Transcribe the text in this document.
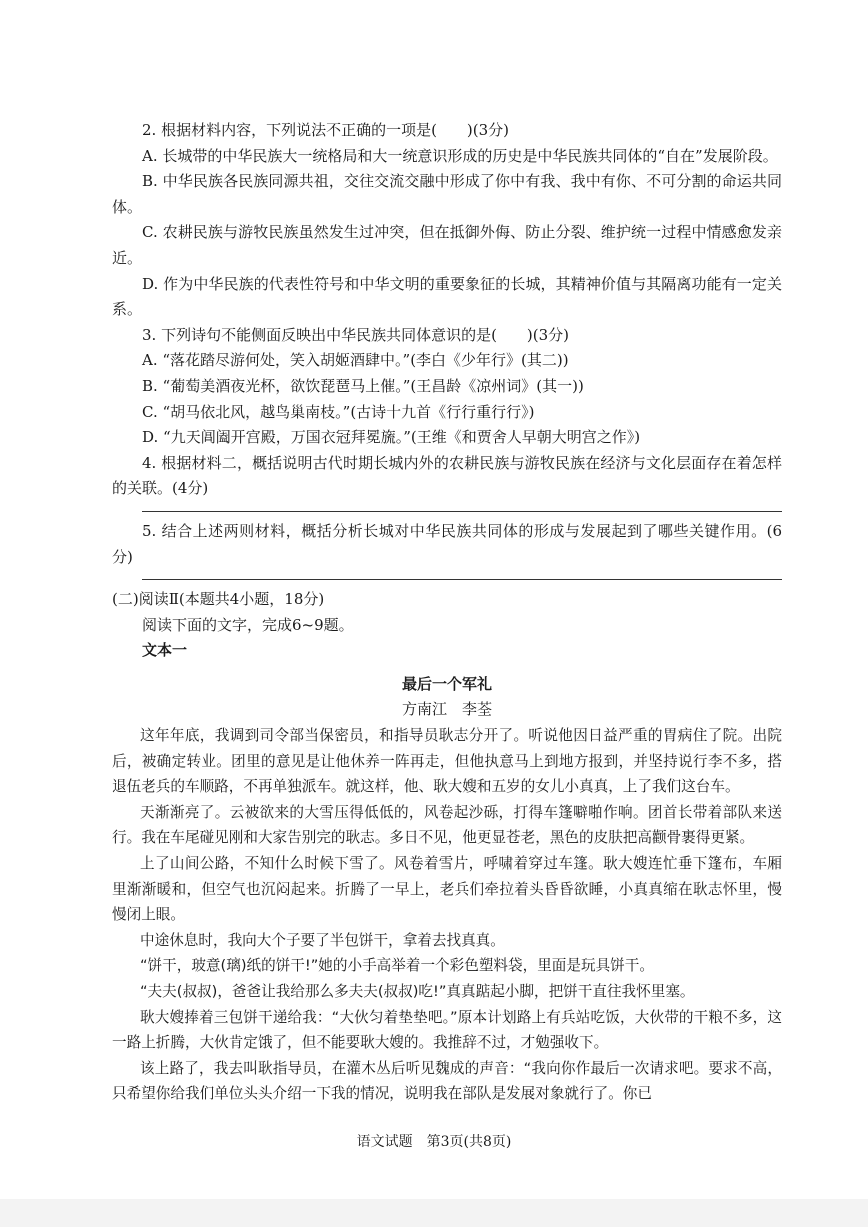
2. 根据材料内容，下列说法不正确的一项是(　　)(3分)

A. 长城带的中华民族大一统格局和大一统意识形成的历史是中华民族共同体的“自在”发展阶段。

B. 中华民族各民族同源共祖，交往交流交融中形成了你中有我、我中有你、不可分割的命运共同体。

C. 农耕民族与游牧民族虽然发生过冲突，但在抵御外侮、防止分裂、维护统一过程中情感愈发亲近。

D. 作为中华民族的代表性符号和中华文明的重要象征的长城，其精神价值与其隔离功能有一定关系。

3. 下列诗句不能侧面反映出中华民族共同体意识的是(　　)(3分)

A. “落花踏尽游何处，笑入胡姬酒肆中。”(李白《少年行》(其二))

B. “葡萄美酒夜光杯，欲饮琵琶马上催。”(王昌龄《凉州词》(其一))

C. “胡马依北风，越鸟巢南枝。”(古诗十九首《行行重行行》)

D. “九天阊阖开宫殿，万国衣冠拜冕旒。”(王维《和贾舍人早朝大明宫之作》)

4. 根据材料二，概括说明古代时期长城内外的农耕民族与游牧民族在经济与文化层面存在着怎样的关联。(4分)

5. 结合上述两则材料，概括分析长城对中华民族共同体的形成与发展起到了哪些关键作用。(6分)

(二)阅读Ⅱ(本题共4小题，18分)

阅读下面的文字，完成6~9题。

文本一

最后一个军礼

方南江　李荃

这年年底，我调到司令部当保密员，和指导员耿志分开了。听说他因日益严重的胃病住了院。出院后，被确定转业。团里的意见是让他休养一阵再走，但他执意马上到地方报到，并坚持说行李不多，搭退伍老兵的车顺路，不再单独派车。就这样，他、耿大嫂和五岁的女儿小真真，上了我们这台车。

天渐渐亮了。云被欲来的大雪压得低低的，风卷起沙砾，打得车篷噼啪作响。团首长带着部队来送行。我在车尾碰见刚和大家告别完的耿志。多日不见，他更显苍老，黑色的皮肤把高颧骨裹得更紧。

上了山间公路，不知什么时候下雪了。风卷着雪片，呼啸着穿过车篷。耿大嫂连忙垂下篷布，车厢里渐渐暖和，但空气也沉闷起来。折腾了一早上，老兵们牵拉着头昏昏欲睡，小真真缩在耿志怀里，慢慢闭上眼。

中途休息时，我向大个子要了半包饼干，拿着去找真真。

“饼干，玻意(璃)纸的饼干!”她的小手高举着一个彩色塑料袋，里面是玩具饼干。

“夫夫(叔叔)，爸爸让我给那么多夫夫(叔叔)吃!”真真踮起小脚，把饼干直往我怀里塞。

耿大嫂捧着三包饼干递给我：“大伙匀着垫垫吧。”原本计划路上有兵站吃饭，大伙带的干粮不多，这一路上折腾，大伙肯定饿了，但不能要耿大嫂的。我推辞不过，才勉强收下。

该上路了，我去叫耿指导员，在灌木丛后听见魏成的声音：“我向你作最后一次请求吧。要求不高，只希望你给我们单位头头介绍一下我的情况，说明我在部队是发展对象就行了。你已

语文试题　第3页(共8页)
